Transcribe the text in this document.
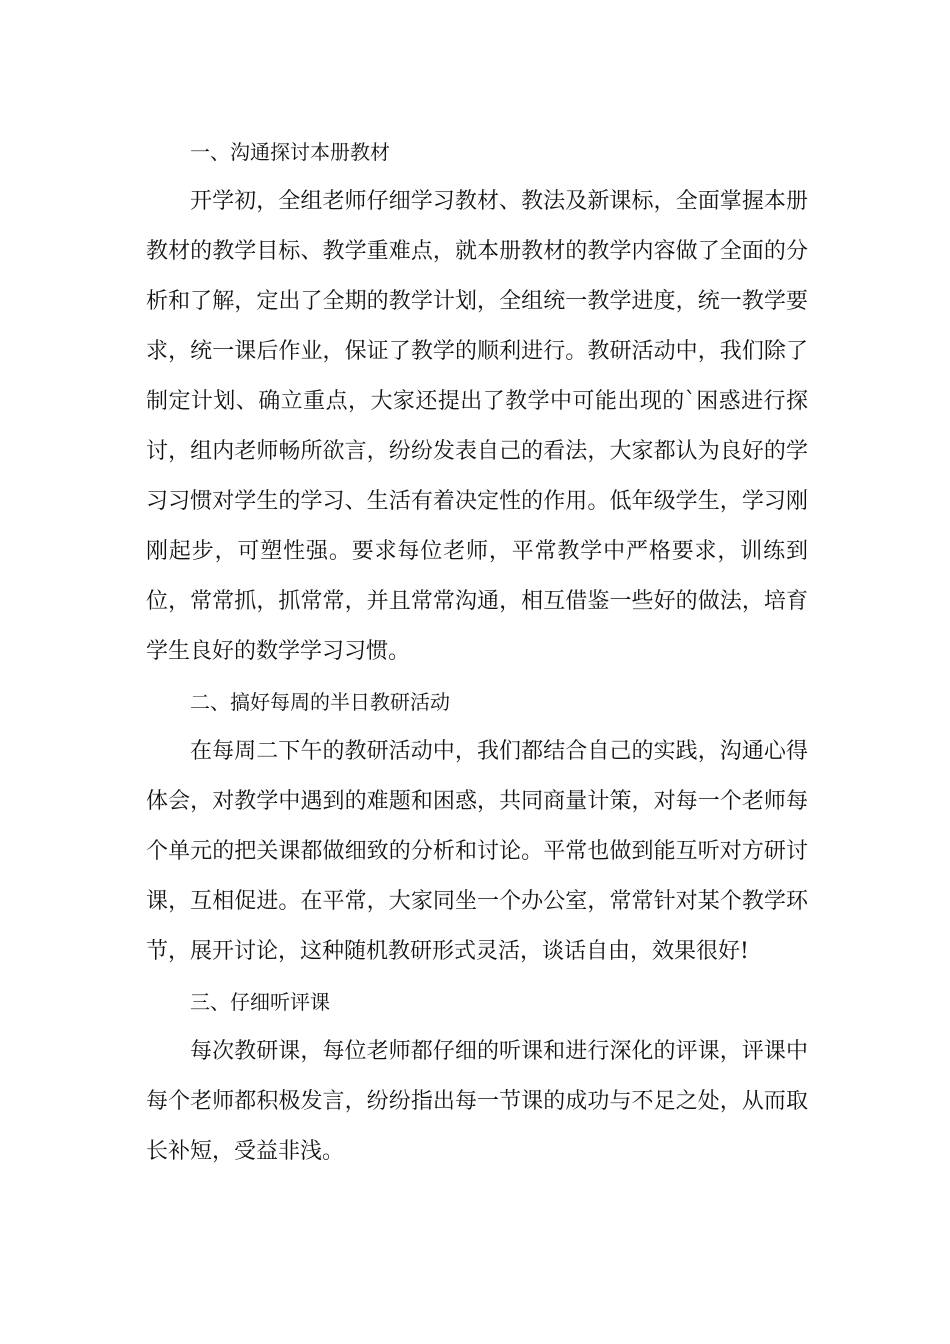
一、沟通探讨本册教材

开学初，全组老师仔细学习教材、教法及新课标，全面掌握本册教材的教学目标、教学重难点，就本册教材的教学内容做了全面的分析和了解，定出了全期的教学计划，全组统一教学进度，统一教学要求，统一课后作业，保证了教学的顺利进行。教研活动中，我们除了制定计划、确立重点，大家还提出了教学中可能出现的`困惑进行探讨，组内老师畅所欲言，纷纷发表自己的看法，大家都认为良好的学习习惯对学生的学习、生活有着决定性的作用。低年级学生，学习刚刚起步，可塑性强。要求每位老师，平常教学中严格要求，训练到位，常常抓，抓常常，并且常常沟通，相互借鉴一些好的做法，培育学生良好的数学学习习惯。

二、搞好每周的半日教研活动

在每周二下午的教研活动中，我们都结合自己的实践，沟通心得体会，对教学中遇到的难题和困惑，共同商量计策，对每一个老师每个单元的把关课都做细致的分析和讨论。平常也做到能互听对方研讨课，互相促进。在平常，大家同坐一个办公室，常常针对某个教学环节，展开讨论，这种随机教研形式灵活，谈话自由，效果很好!

三、仔细听评课

每次教研课，每位老师都仔细的听课和进行深化的评课，评课中每个老师都积极发言，纷纷指出每一节课的成功与不足之处，从而取长补短，受益非浅。
